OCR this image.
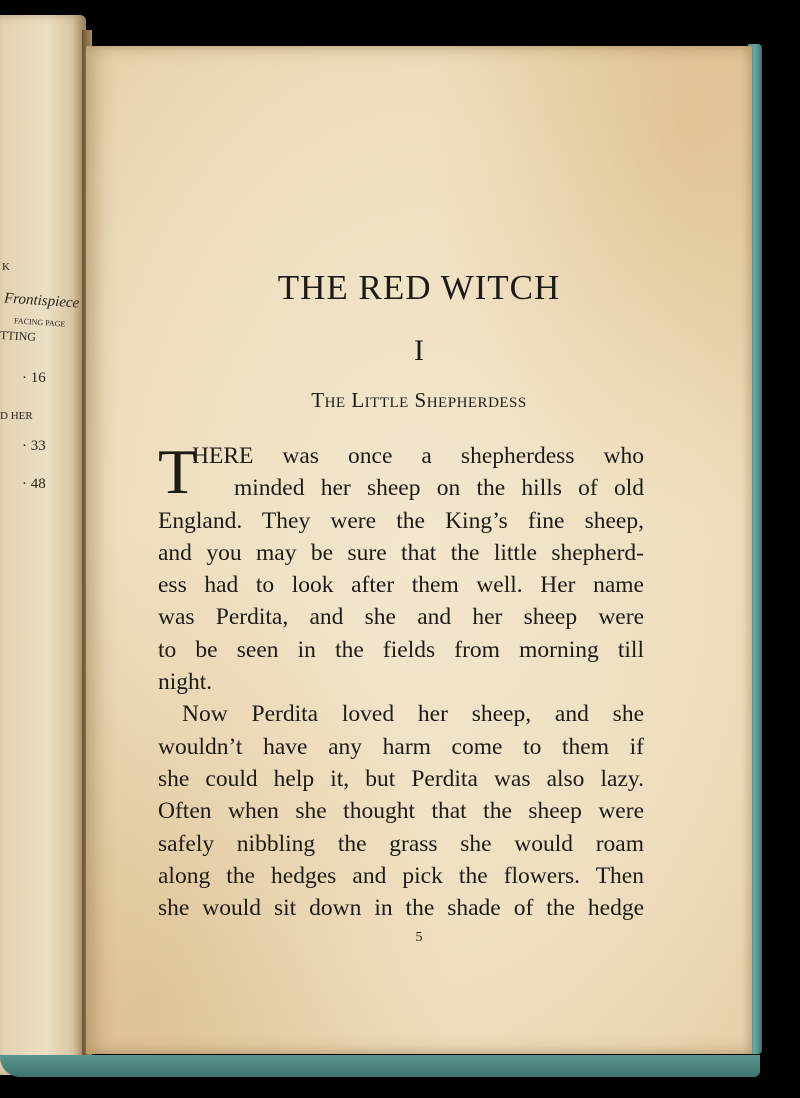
K
Frontispiece
FACING PAGE
TTING
· 16
D HER
· 33
· 48
THE RED WITCH
I
The Little Shepherdess
T
HERE was once a shepherdess who
minded her sheep on the hills of old
England. They were the King’s fine sheep,
and you may be sure that the little shepherd-
ess had to look after them well. Her name
was Perdita, and she and her sheep were
to be seen in the fields from morning till
night.
Now Perdita loved her sheep, and she
wouldn’t have any harm come to them if
she could help it, but Perdita was also lazy.
Often when she thought that the sheep were
safely nibbling the grass she would roam
along the hedges and pick the flowers. Then
she would sit down in the shade of the hedge
5
